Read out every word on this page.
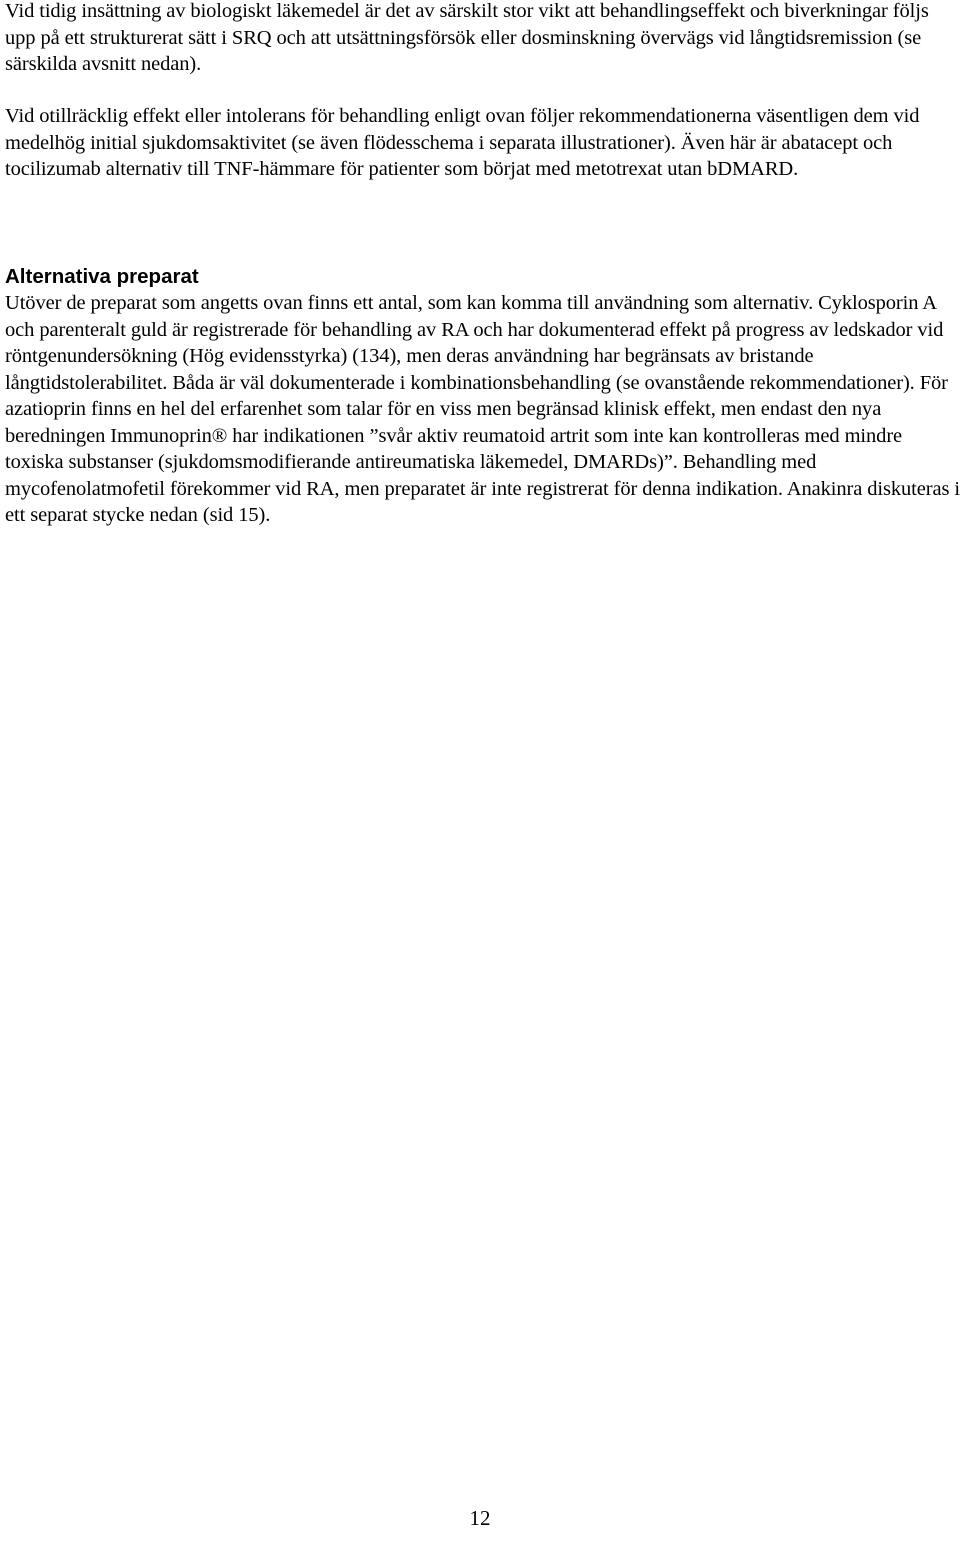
Vid tidig insättning av biologiskt läkemedel är det av särskilt stor vikt att behandlingseffekt och biverkningar följs upp på ett strukturerat sätt i SRQ och att utsättningsförsök eller dosminskning övervägs vid långtidsremission (se särskilda avsnitt nedan).

Vid otillräcklig effekt eller intolerans för behandling enligt ovan följer rekommendationerna väsentligen dem vid medelhög initial sjukdomsaktivitet (se även flödesschema i separata illustrationer). Även här är abatacept och tocilizumab alternativ till TNF-hämmare för patienter som börjat med metotrexat utan bDMARD.

Alternativa preparat

Utöver de preparat som angetts ovan finns ett antal, som kan komma till användning som alternativ. Cyklosporin A och parenteralt guld är registrerade för behandling av RA och har dokumenterad effekt på progress av ledskador vid röntgenundersökning (Hög evidensstyrka) (134), men deras användning har begränsats av bristande långtidstolerabilitet. Båda är väl dokumenterade i kombinationsbehandling (se ovanstående rekommendationer). För azatioprin finns en hel del erfarenhet som talar för en viss men begränsad klinisk effekt, men endast den nya beredningen Immunoprin® har indikationen ”svår aktiv reumatoid artrit som inte kan kontrolleras med mindre toxiska substanser (sjukdomsmodifierande antireumatiska läkemedel, DMARDs)”. Behandling med mycofenolatmofetil förekommer vid RA, men preparatet är inte registrerat för denna indikation. Anakinra diskuteras i ett separat stycke nedan (sid 15).

12
